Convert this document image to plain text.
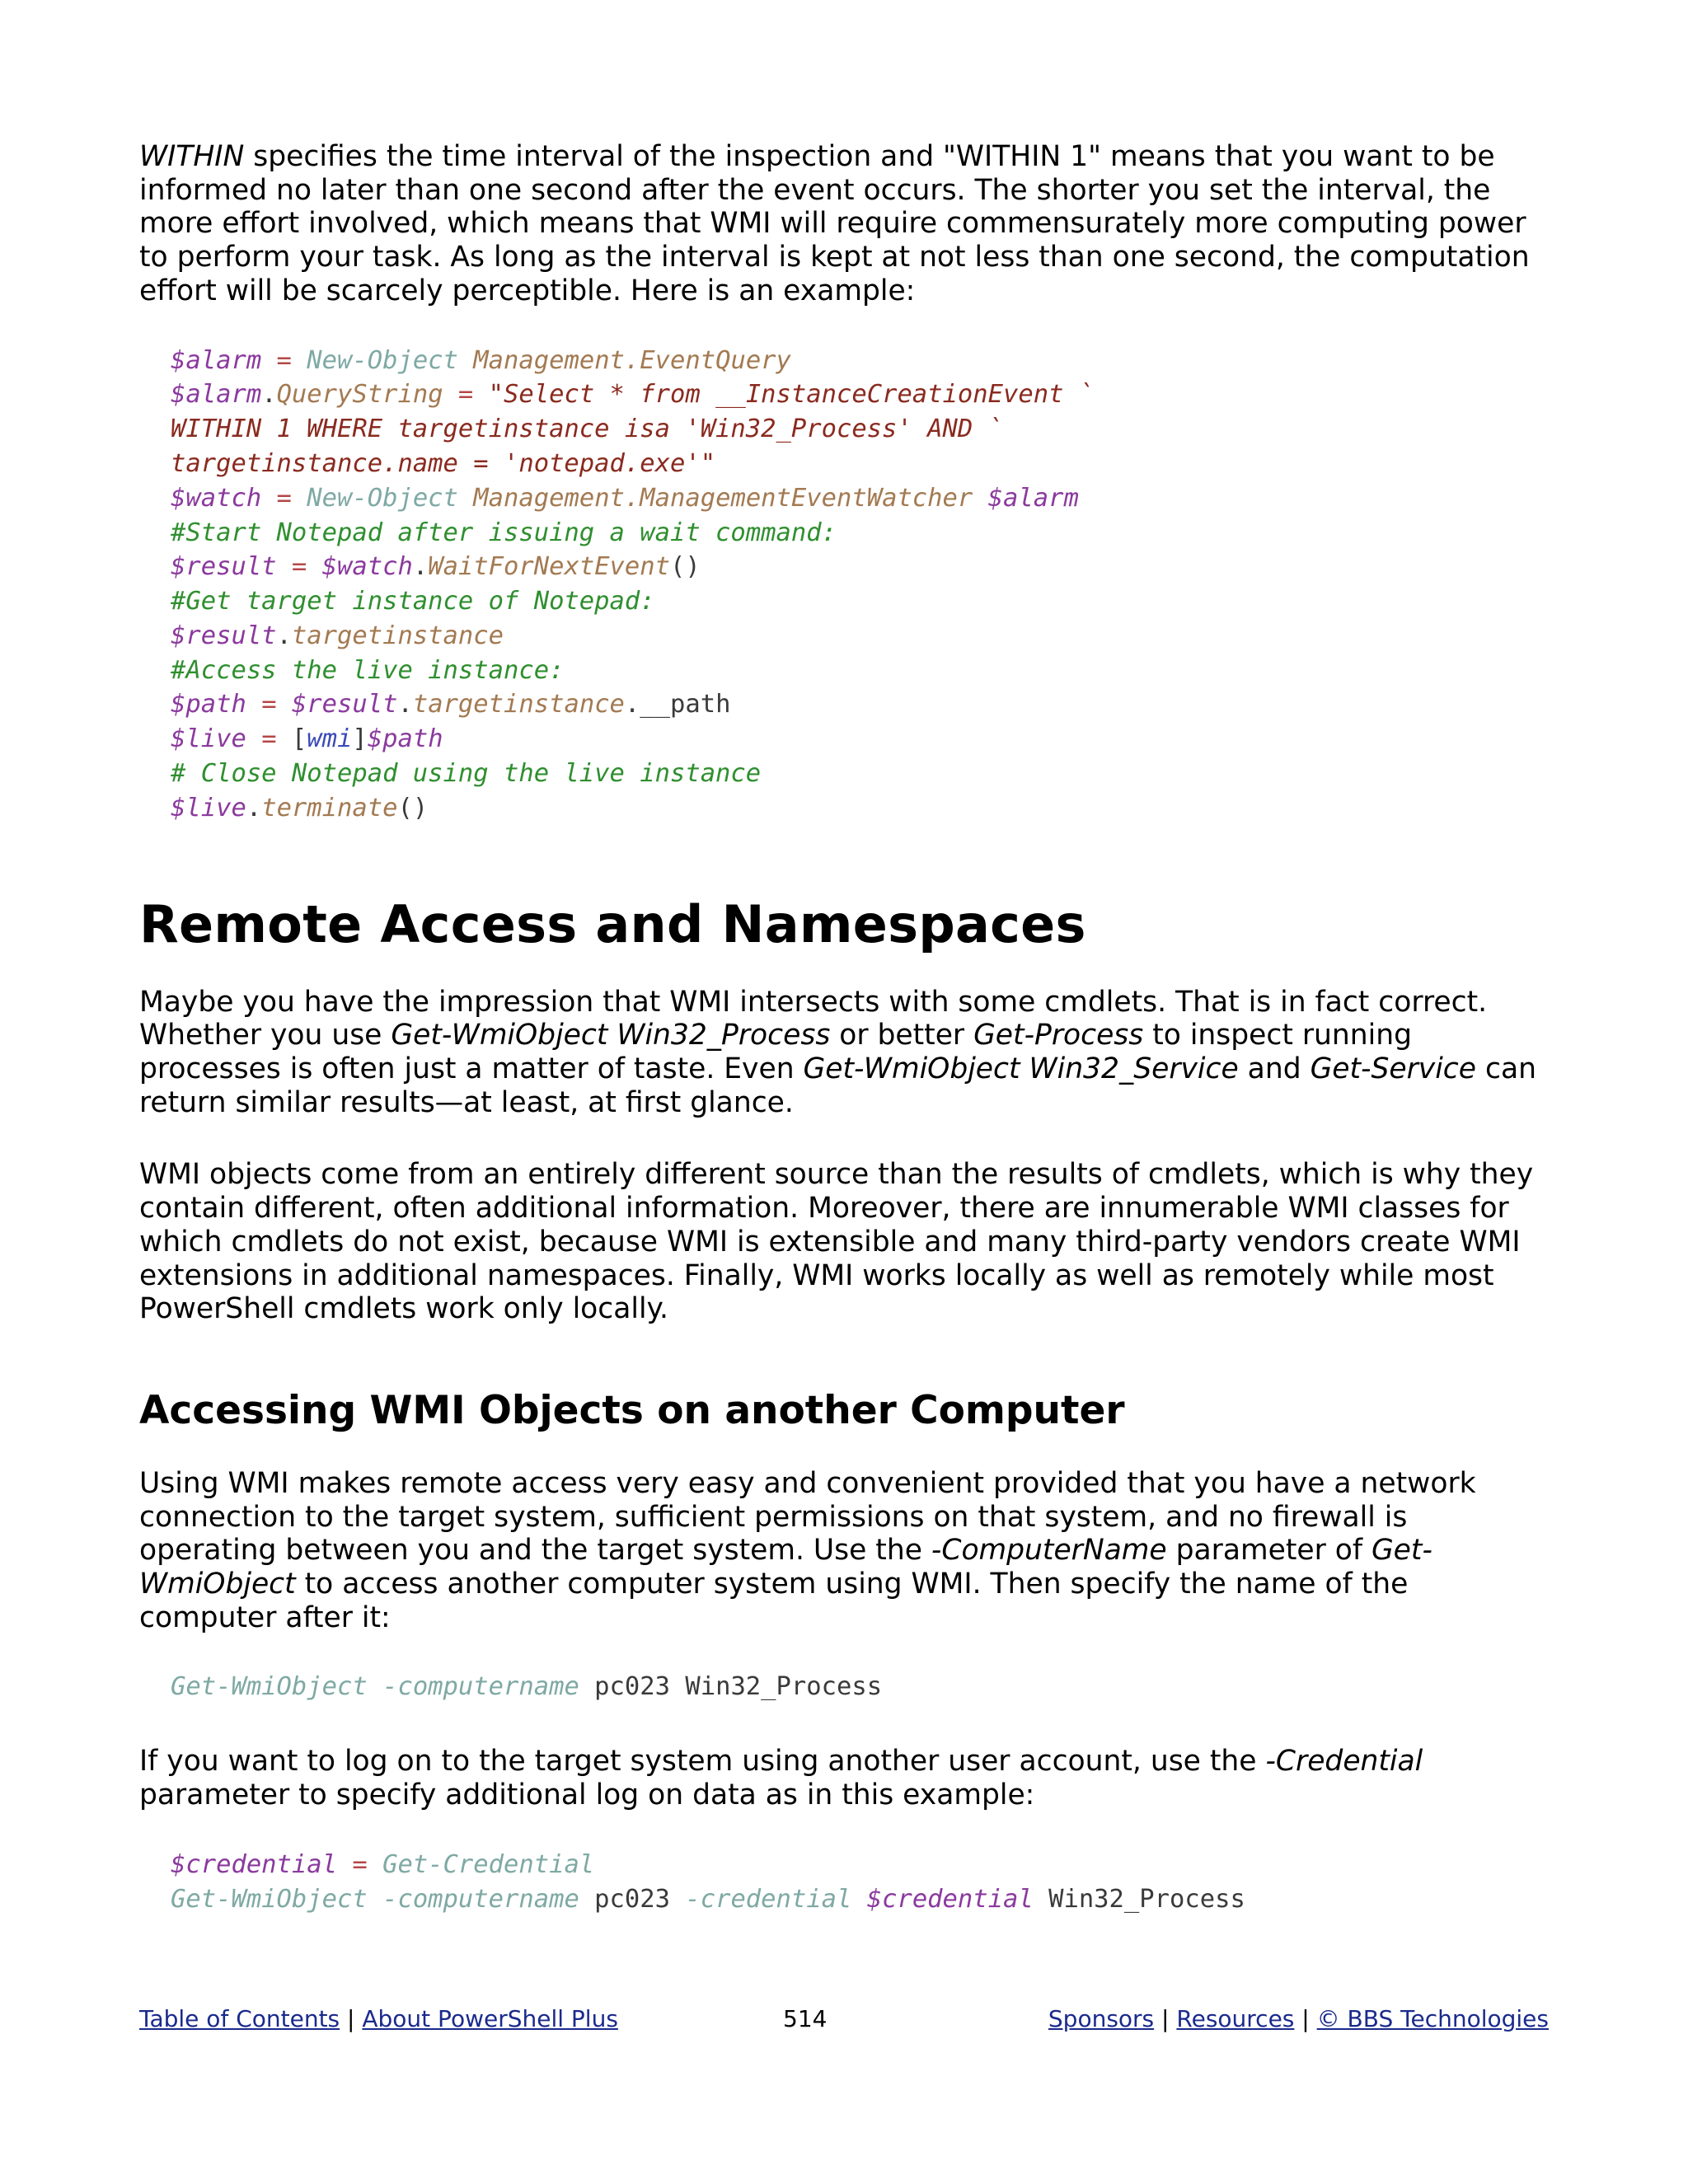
WITHIN specifies the time interval of the inspection and "WITHIN 1" means that you want to be informed no later than one second after the event occurs. The shorter you set the interval, the more effort involved, which means that WMI will require commensurately more computing power to perform your task. As long as the interval is kept at not less than one second, the computation effort will be scarcely perceptible. Here is an example:

$alarm = New-Object Management.EventQuery
$alarm.QueryString = "Select * from __InstanceCreationEvent `
WITHIN 1 WHERE targetinstance isa 'Win32_Process' AND `
targetinstance.name = 'notepad.exe'"
$watch = New-Object Management.ManagementEventWatcher $alarm
#Start Notepad after issuing a wait command:
$result = $watch.WaitForNextEvent()
#Get target instance of Notepad:
$result.targetinstance
#Access the live instance:
$path = $result.targetinstance.__path
$live = [wmi]$path
# Close Notepad using the live instance
$live.terminate()
Remote Access and Namespaces

Maybe you have the impression that WMI intersects with some cmdlets. That is in fact correct. Whether you use Get-WmiObject Win32_Process or better Get-Process to inspect running processes is often just a matter of taste. Even Get-WmiObject Win32_Service and Get-Service can return similar results—at least, at first glance.

WMI objects come from an entirely different source than the results of cmdlets, which is why they contain different, often additional information. Moreover, there are innumerable WMI classes for which cmdlets do not exist, because WMI is extensible and many third-party vendors create WMI extensions in additional namespaces. Finally, WMI works locally as well as remotely while most PowerShell cmdlets work only locally.

Accessing WMI Objects on another Computer

Using WMI makes remote access very easy and convenient provided that you have a network connection to the target system, sufficient permissions on that system, and no firewall is operating between you and the target system. Use the -ComputerName parameter of Get-WmiObject to access another computer system using WMI. Then specify the name of the computer after it:

Get-WmiObject -computername pc023 Win32_Process

If you want to log on to the target system using another user account, use the -Credential parameter to specify additional log on data as in this example:

$credential = Get-Credential
Get-WmiObject -computername pc023 -credential $credential Win32_Process
Table of Contents | About PowerShell Plus	514	Sponsors | Resources | © BBS Technologies
